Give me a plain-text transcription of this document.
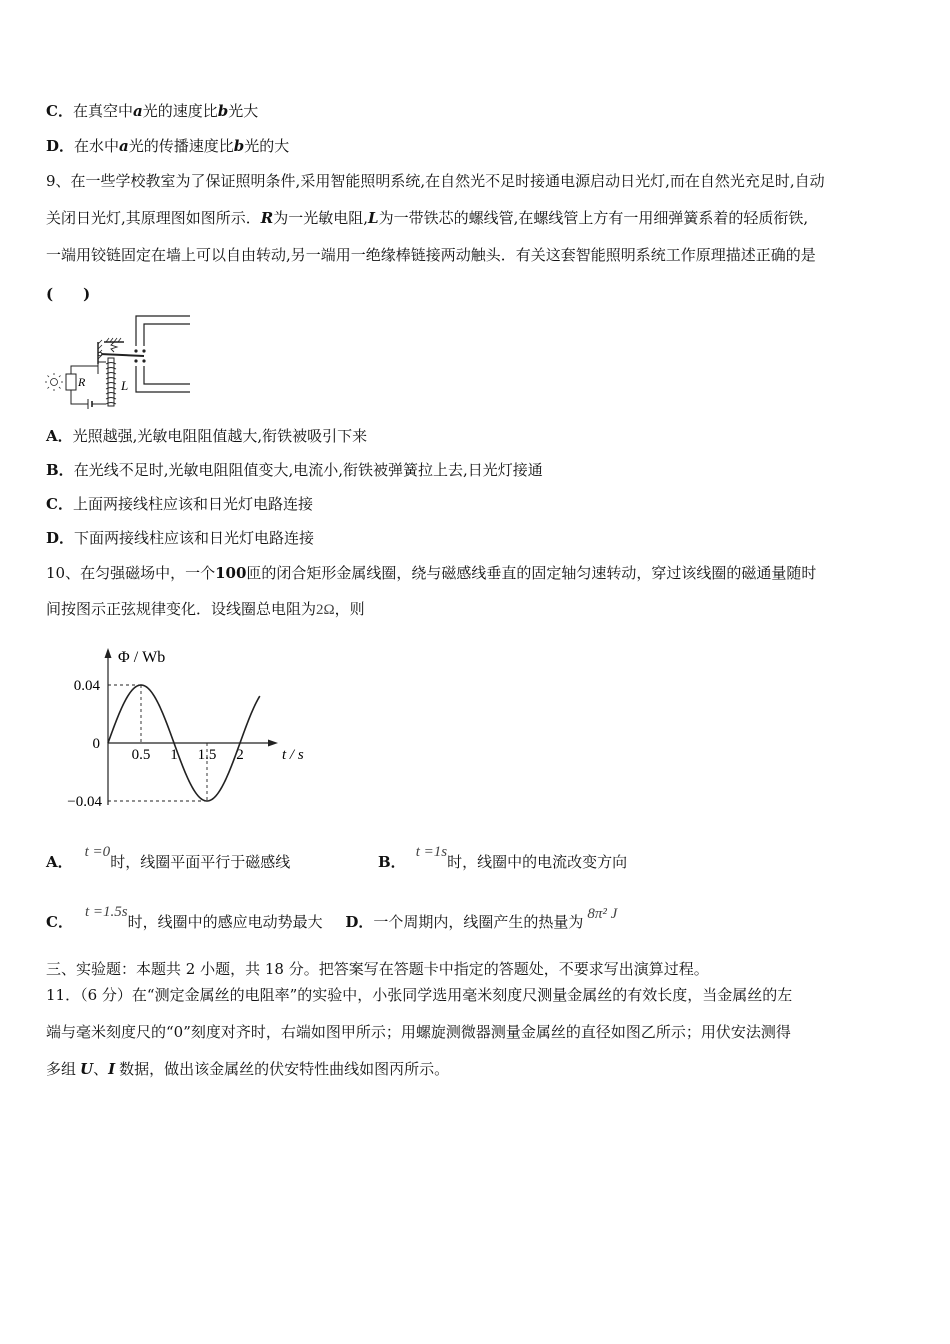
C．在真空中a光的速度比b光大
D．在水中a光的传播速度比b光的大
9、在一些学校教室为了保证照明条件,采用智能照明系统,在自然光不足时接通电源启动日光灯,而在自然光充足时,自动
关闭日光灯,其原理图如图所示．R为一光敏电阻,L为一带铁芯的螺线管,在螺线管上方有一用细弹簧系着的轻质衔铁,
一端用铰链固定在墙上可以自由转动,另一端用一绝缘棒链接两动触头．有关这套智能照明系统工作原理描述正确的是
(　　)
R	L
A．光照越强,光敏电阻阻值越大,衔铁被吸引下来
B．在光线不足时,光敏电阻阻值变大,电流小,衔铁被弹簧拉上去,日光灯接通
C．上面两接线柱应该和日光灯电路连接
D．下面两接线柱应该和日光灯电路连接
10、在匀强磁场中，一个100匝的闭合矩形金属线圈，绕与磁感线垂直的固定轴匀速转动，穿过该线圈的磁通量随时
间按图示正弦规律变化．设线圈总电阻为2Ω，则
Φ / Wb
t / s
0.04
0
−0.04
0.5 1 1.5 2
A．t =0时，线圈平面平行于磁感线	B．t =1s时，线圈中的电流改变方向
C．t =1.5s时，线圈中的感应电动势最大 D．一个周期内，线圈产生的热量为 8π² J
三、实验题：本题共 2 小题，共 18 分。把答案写在答题卡中指定的答题处，不要求写出演算过程。
11．（6 分）在“测定金属丝的电阻率”的实验中，小张同学选用毫米刻度尺测量金属丝的有效长度，当金属丝的左
端与毫米刻度尺的“0”刻度对齐时，右端如图甲所示；用螺旋测微器测量金属丝的直径如图乙所示；用伏安法测得
多组 U、I 数据，做出该金属丝的伏安特性曲线如图丙所示。
